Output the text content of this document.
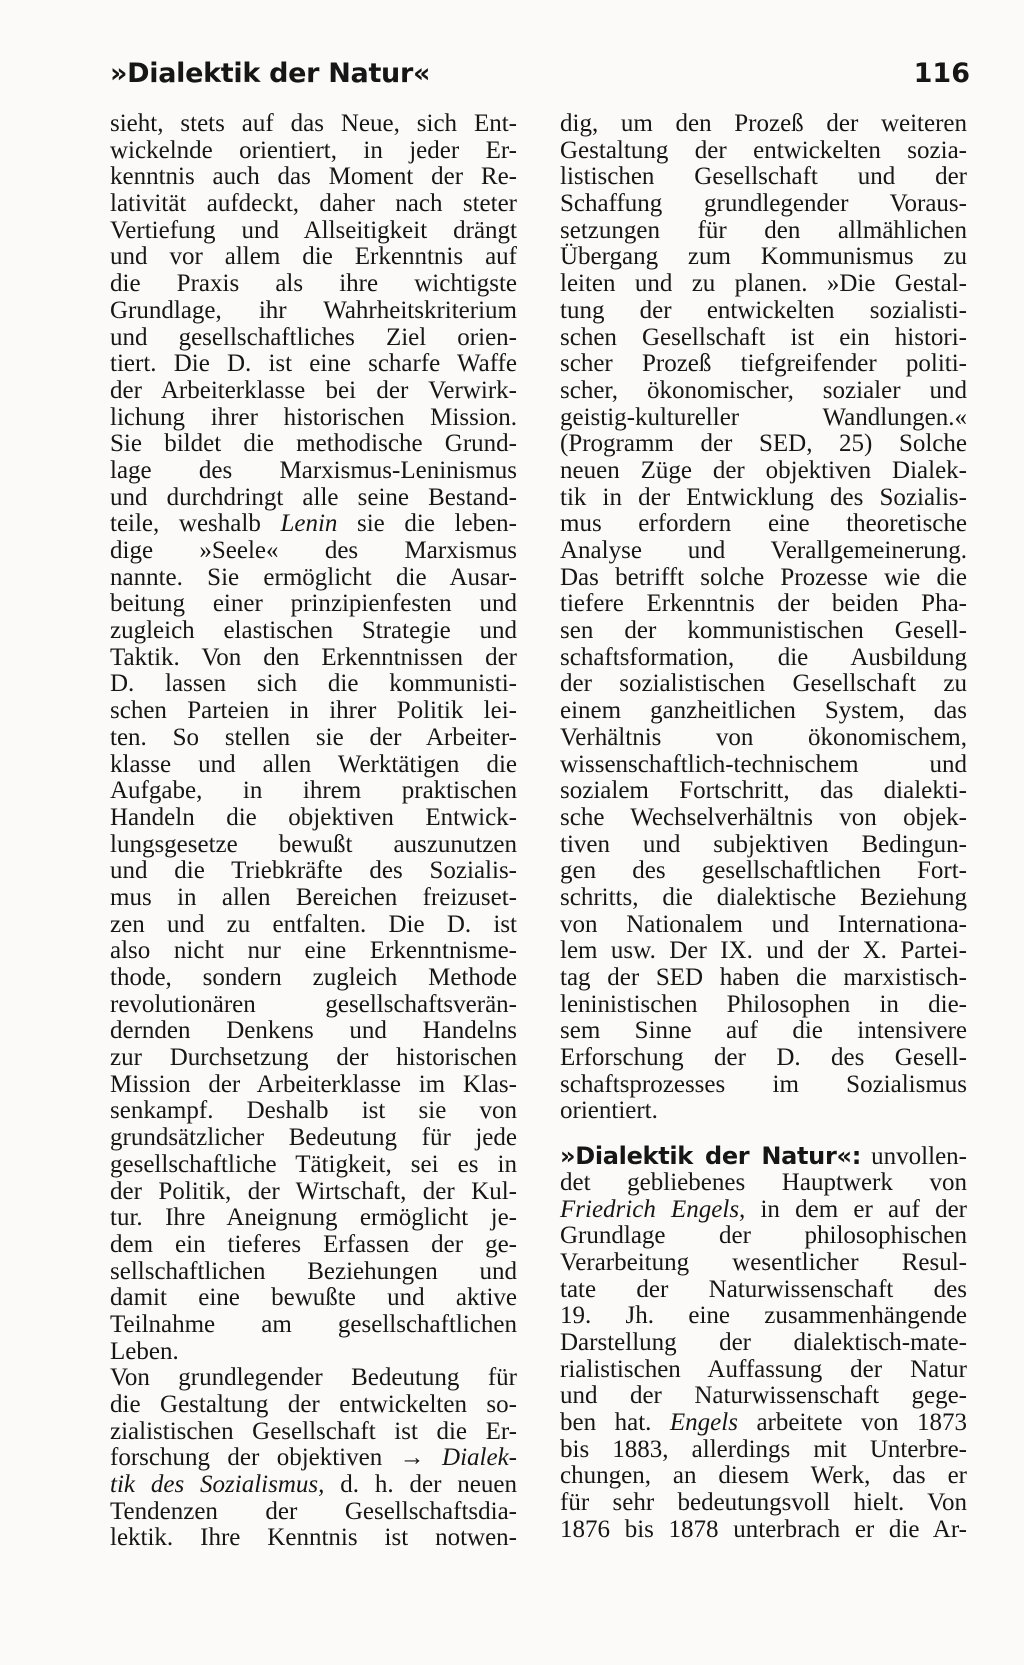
»Dialektik der Natur«	116
sieht, stets auf das Neue, sich Ent-
wickelnde orientiert, in jeder Er-
kenntnis auch das Moment der Re-
lativität aufdeckt, daher nach steter
Vertiefung und Allseitigkeit drängt
und vor allem die Erkenntnis auf
die Praxis als ihre wichtigste
Grundlage, ihr Wahrheitskriterium
und gesellschaftliches Ziel orien-
tiert. Die D. ist eine scharfe Waffe
der Arbeiterklasse bei der Verwirk-
lichung ihrer historischen Mission.
Sie bildet die methodische Grund-
lage des Marxismus-Leninismus
und durchdringt alle seine Bestand-
teile, weshalb Lenin sie die leben-
dige »Seele« des Marxismus
nannte. Sie ermöglicht die Ausar-
beitung einer prinzipienfesten und
zugleich elastischen Strategie und
Taktik. Von den Erkenntnissen der
D. lassen sich die kommunisti-
schen Parteien in ihrer Politik lei-
ten. So stellen sie der Arbeiter-
klasse und allen Werktätigen die
Aufgabe, in ihrem praktischen
Handeln die objektiven Entwick-
lungsgesetze bewußt auszunutzen
und die Triebkräfte des Sozialis-
mus in allen Bereichen freizuset-
zen und zu entfalten. Die D. ist
also nicht nur eine Erkenntnisme-
thode, sondern zugleich Methode
revolutionären gesellschaftsverän-
dernden Denkens und Handelns
zur Durchsetzung der historischen
Mission der Arbeiterklasse im Klas-
senkampf. Deshalb ist sie von
grundsätzlicher Bedeutung für jede
gesellschaftliche Tätigkeit, sei es in
der Politik, der Wirtschaft, der Kul-
tur. Ihre Aneignung ermöglicht je-
dem ein tieferes Erfassen der ge-
sellschaftlichen Beziehungen und
damit eine bewußte und aktive
Teilnahme am gesellschaftlichen
Leben.
Von grundlegender Bedeutung für
die Gestaltung der entwickelten so-
zialistischen Gesellschaft ist die Er-
forschung der objektiven → Dialek-
tik des Sozialismus, d. h. der neuen
Tendenzen der Gesellschaftsdia-
lektik. Ihre Kenntnis ist notwen-
dig, um den Prozeß der weiteren
Gestaltung der entwickelten sozia-
listischen Gesellschaft und der
Schaffung grundlegender Voraus-
setzungen für den allmählichen
Übergang zum Kommunismus zu
leiten und zu planen. »Die Gestal-
tung der entwickelten sozialisti-
schen Gesellschaft ist ein histori-
scher Prozeß tiefgreifender politi-
scher, ökonomischer, sozialer und
geistig-kultureller Wandlungen.«
(Programm der SED, 25) Solche
neuen Züge der objektiven Dialek-
tik in der Entwicklung des Sozialis-
mus erfordern eine theoretische
Analyse und Verallgemeinerung.
Das betrifft solche Prozesse wie die
tiefere Erkenntnis der beiden Pha-
sen der kommunistischen Gesell-
schaftsformation, die Ausbildung
der sozialistischen Gesellschaft zu
einem ganzheitlichen System, das
Verhältnis von ökonomischem,
wissenschaftlich-technischem und
sozialem Fortschritt, das dialekti-
sche Wechselverhältnis von objek-
tiven und subjektiven Bedingun-
gen des gesellschaftlichen Fort-
schritts, die dialektische Beziehung
von Nationalem und Internationa-
lem usw. Der IX. und der X. Partei-
tag der SED haben die marxistisch-
leninistischen Philosophen in die-
sem Sinne auf die intensivere
Erforschung der D. des Gesell-
schaftsprozesses im Sozialismus
orientiert.
»Dialektik der Natur«: unvollen-
det gebliebenes Hauptwerk von
Friedrich Engels, in dem er auf der
Grundlage der philosophischen
Verarbeitung wesentlicher Resul-
tate der Naturwissenschaft des
19. Jh. eine zusammenhängende
Darstellung der dialektisch-mate-
rialistischen Auffassung der Natur
und der Naturwissenschaft gege-
ben hat. Engels arbeitete von 1873
bis 1883, allerdings mit Unterbre-
chungen, an diesem Werk, das er
für sehr bedeutungsvoll hielt. Von
1876 bis 1878 unterbrach er die Ar-
